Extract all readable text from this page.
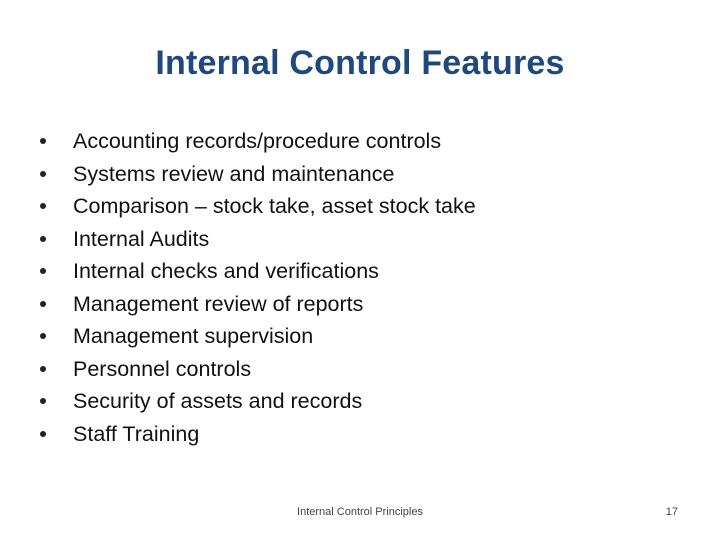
Internal Control Features
Accounting records/procedure controls
Systems review and maintenance
Comparison – stock take, asset stock take
Internal Audits
Internal checks and verifications
Management review of reports
Management supervision
Personnel controls
Security of assets and records
Staff Training
Internal Control Principles	17
